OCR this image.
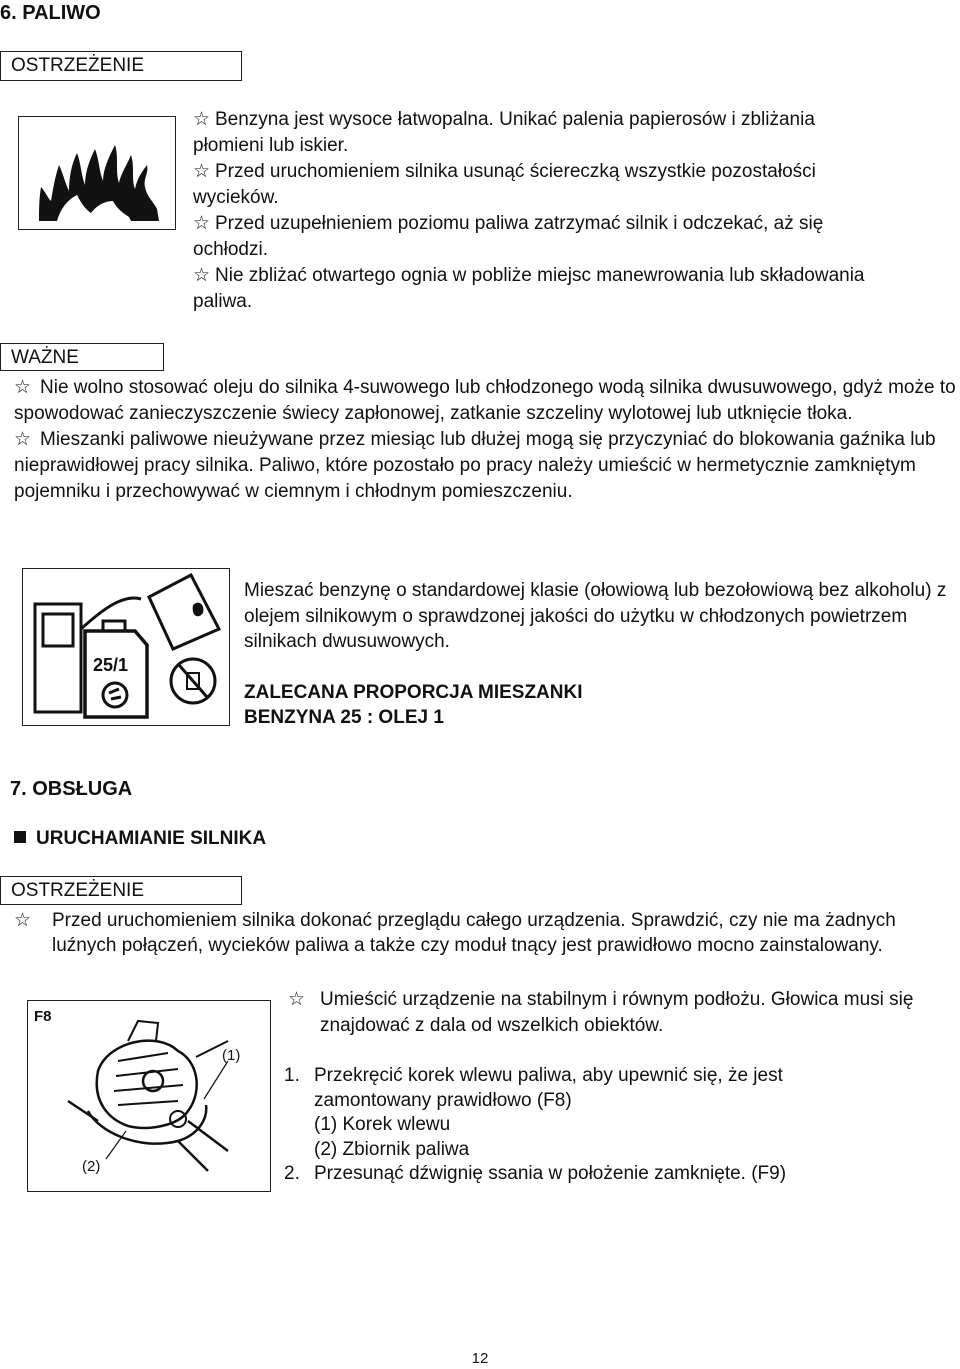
6. PALIWO
OSTRZEŻENIE

☆ Benzyna jest wysoce łatwopalna. Unikać palenia papierosów i zbliżania

płomieni lub iskier.

☆ Przed uruchomieniem silnika usunąć ściereczką wszystkie pozostałości

wycieków.

☆ Przed uzupełnieniem poziomu paliwa zatrzymać silnik i odczekać, aż się

ochłodzi.

☆ Nie zbliżać otwartego ognia w pobliże miejsc manewrowania lub składowania

paliwa.

WAŻNE

☆ Nie wolno stosować oleju do silnika 4-suwowego lub chłodzonego wodą silnika dwusuwowego, gdyż może to spowodować zanieczyszczenie świecy zapłonowej, zatkanie szczeliny wylotowej lub utknięcie tłoka.

☆ Mieszanki paliwowe nieużywane przez miesiąc lub dłużej mogą się przyczyniać do blokowania gaźnika lub nieprawidłowej pracy silnika. Paliwo, które pozostało po pracy należy umieścić w hermetycznie zamkniętym pojemniku i przechowywać w ciemnym i chłodnym pomieszczeniu.

25/1
Mieszać benzynę o standardowej klasie (ołowiową lub bezołowiową bez alkoholu) z olejem silnikowym o sprawdzonej jakości do użytku w chłodzonych powietrzem silnikach dwusuwowych.
ZALECANA PROPORCJA MIESZANKI
BENZYNA 25 : OLEJ 1
7. OBSŁUGA
URUCHAMIANIE SILNIKA
OSTRZEŻENIE
☆ Przed uruchomieniem silnika dokonać przeglądu całego urządzenia. Sprawdzić, czy nie ma żadnych luźnych połączeń, wycieków paliwa a także czy moduł tnący jest prawidłowo mocno zainstalowany.
F8
(1)
(2)
☆ Umieścić urządzenie na stabilnym i równym podłożu. Głowica musi się znajdować z dala od wszelkich obiektów.
1. Przekręcić korek wlewu paliwa, aby upewnić się, że jest
zamontowany prawidłowo (F8)
(1) Korek wlewu
(2) Zbiornik paliwa
2. Przesunąć dźwignię ssania w położenie zamknięte. (F9)
12
